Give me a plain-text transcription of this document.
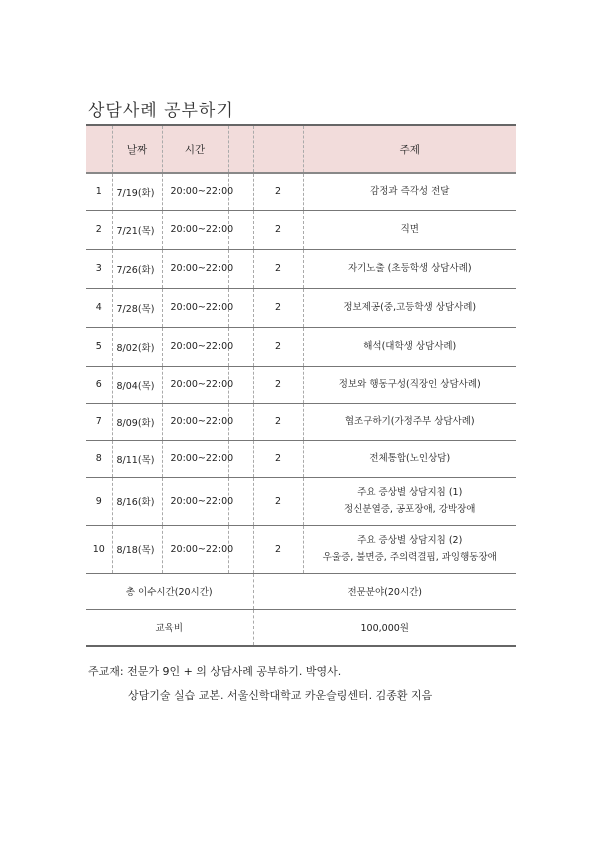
상담사례 공부하기
	날짜	시간			주제
1	7/19(화)	20:00~22:00		2	감정과 즉각성 전달

2	7/21(목)	20:00~22:00		2	직면

3	7/26(화)	20:00~22:00		2	자기노출 (초등학생 상담사례)

4	7/28(목)	20:00~22:00		2	정보제공(중,고등학생 상담사례)

5	8/02(화)	20:00~22:00		2	해석(대학생 상담사례)

6	8/04(목)	20:00~22:00		2	정보와 행동구성(직장인 상담사례)

7	8/09(화)	20:00~22:00		2	협조구하기(가정주부 상담사례)

8	8/11(목)	20:00~22:00		2	전체통합(노인상담)

9	8/16(화)	20:00~22:00		2	주요 증상별 상담지침 (1)
정신분열증, 공포장애, 강박장애

10	8/18(목)	20:00~22:00		2	주요 증상별 상담지침 (2)
우울증, 불면증, 주의력결핍, 과잉행동장애

총 이수시간(20시간)				전문분야(20시간)	
교육비				100,000원	
주교재: 전문가 9인 + 의 상담사례 공부하기. 박영사.
상담기술 실습 교본. 서울신학대학교 카운슬링센터. 김종환 지음
